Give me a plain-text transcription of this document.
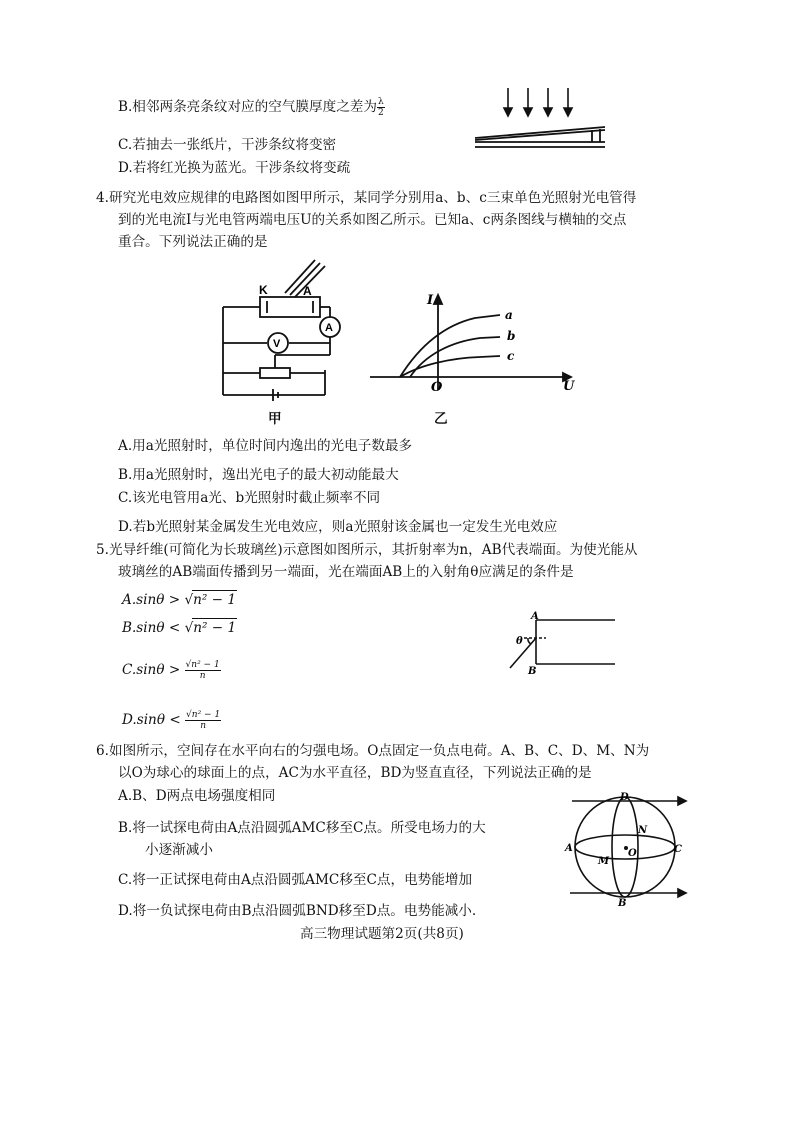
B.相邻两条亮条纹对应的空气膜厚度之差为 $\frac{\lambda}{2}$
C.若抽去一张纸片，干涉条纹将变密
D.若将红光换为蓝光。干涉条纹将变疏
4.研究光电效应规律的电路图如图甲所示，某同学分别用a、b、c三束单色光照射光电管得
到的光电流I与光电管两端电压U的关系如图乙所示。已知a、c两条图线与横轴的交点
重合。下列说法正确的是
K	A
V
A
甲
I
U
O
a
b
c
乙
A.用a光照射时，单位时间内逸出的光电子数最多
B.用a光照射时，逸出光电子的最大初动能最大
C.该光电管用a光、b光照射时截止频率不同
D.若b光照射某金属发生光电效应，则a光照射该金属也一定发生光电效应
5.光导纤维(可简化为长玻璃丝)示意图如图所示，其折射率为n，AB代表端面。为使光能从
玻璃丝的AB端面传播到另一端面，光在端面AB上的入射角θ应满足的条件是
A.sinθ > √n² − 1
B.sinθ < √n² − 1
$C.\sin\theta > \frac{\text{√n² − 1}}{n}$
$D.\sin\theta < \frac{\text{√n² − 1}}{n}$
A
B
θ
6.如图所示，空间存在水平向右的匀强电场。O点固定一负点电荷。A、B、C、D、M、N为
以O为球心的球面上的点，AC为水平直径，BD为竖直直径，下列说法正确的是
A.B、D两点电场强度相同
B.将一试探电荷由A点沿圆弧AMC移至C点。所受电场力的大
小逐渐减小
C.将一正试探电荷由A点沿圆弧AMC移至C点，电势能增加
D.将一负试探电荷由B点沿圆弧BND移至D点。电势能减小.
D
B
A	C
M
N
O
高三物理试题第2页(共8页)
